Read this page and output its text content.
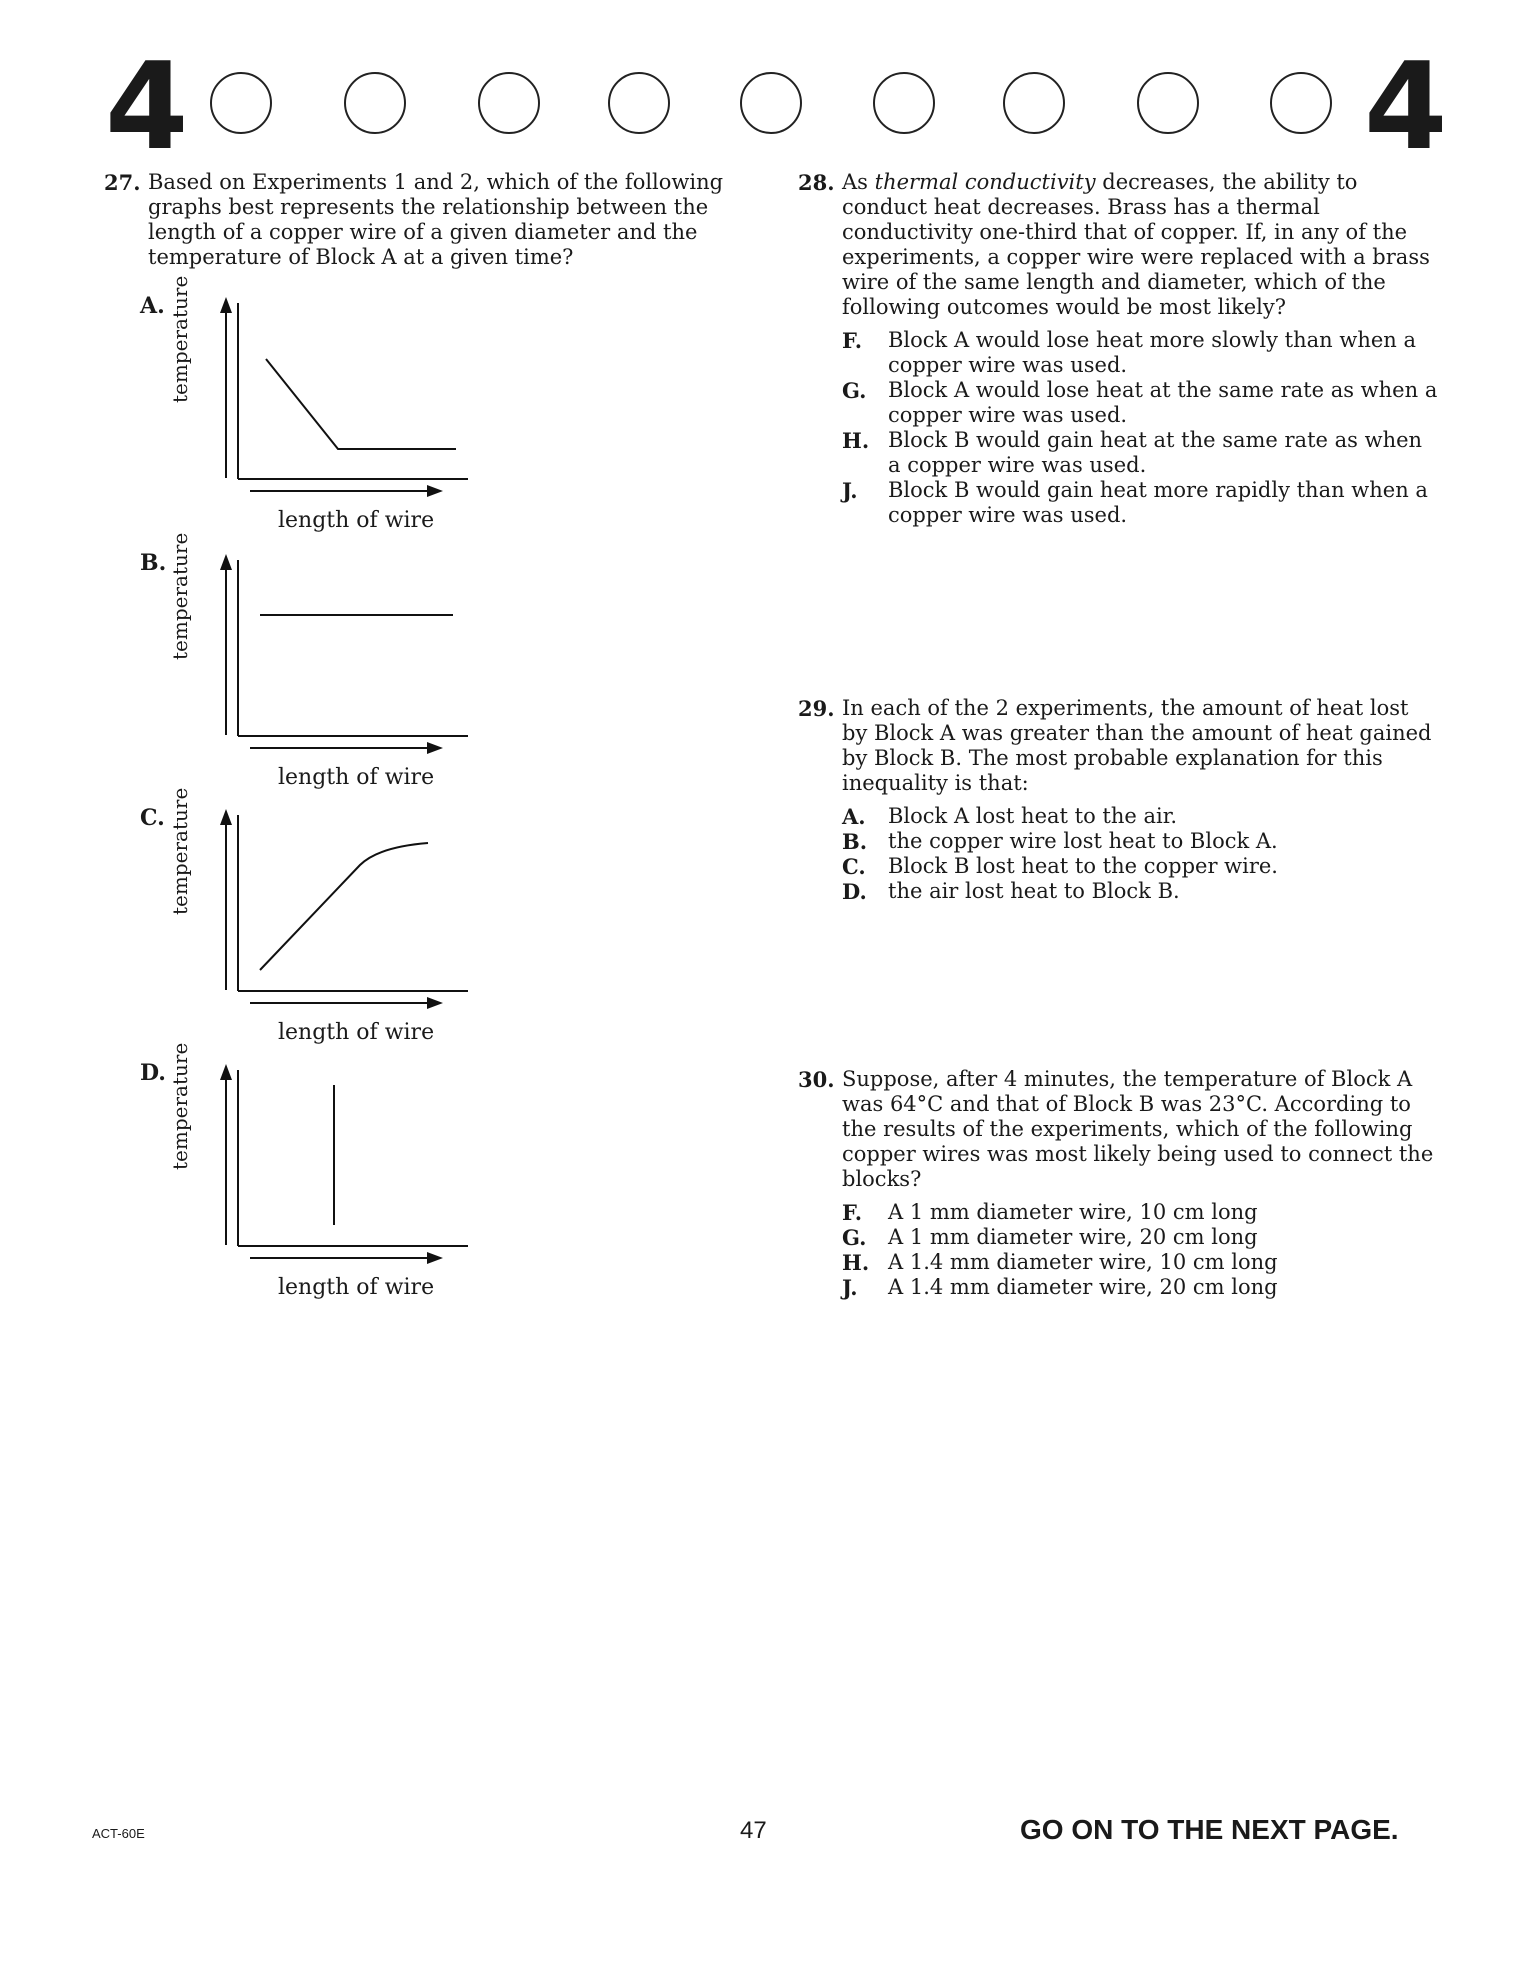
4	4
27. Based on Experiments 1 and 2, which of the following graphs best represents the relationship between the length of a copper wire of a given diameter and the temperature of Block A at a given time?
A. temperature
length of wire
B. temperature
length of wire
C. temperature
length of wire
D. temperature
length of wire
28. As thermal conductivity decreases, the ability to conduct heat decreases. Brass has a thermal conductivity one-third that of copper. If, in any of the experiments, a copper wire were replaced with a brass wire of the same length and diameter, which of the following outcomes would be most likely?
F. Block A would lose heat more slowly than when a copper wire was used.
G. Block A would lose heat at the same rate as when a copper wire was used.
H. Block B would gain heat at the same rate as when a copper wire was used.
J. Block B would gain heat more rapidly than when a copper wire was used.
29. In each of the 2 experiments, the amount of heat lost by Block A was greater than the amount of heat gained by Block B. The most probable explanation for this inequality is that:
A. Block A lost heat to the air.
B. the copper wire lost heat to Block A.
C. Block B lost heat to the copper wire.
D. the air lost heat to Block B.
30. Suppose, after 4 minutes, the temperature of Block A was 64°C and that of Block B was 23°C. According to the results of the experiments, which of the following copper wires was most likely being used to connect the blocks?
F. A 1 mm diameter wire, 10 cm long
G. A 1 mm diameter wire, 20 cm long
H. A 1.4 mm diameter wire, 10 cm long
J. A 1.4 mm diameter wire, 20 cm long
ACT-60E	47	GO ON TO THE NEXT PAGE.
